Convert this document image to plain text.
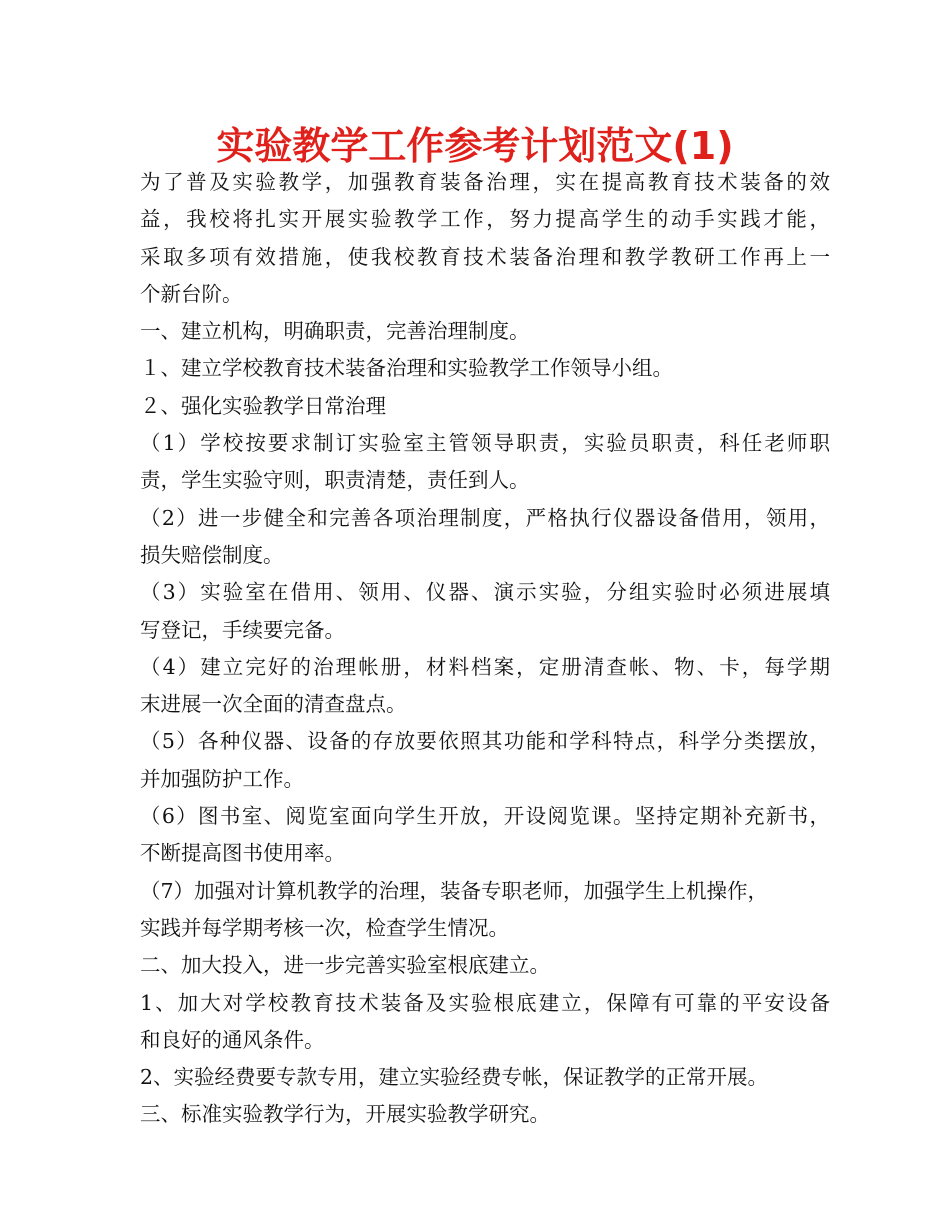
实验教学工作参考计划范文(1)
为了普及实验教学，加强教育装备治理，实在提高教育技术装备的效
益，我校将扎实开展实验教学工作，努力提高学生的动手实践才能，
采取多项有效措施，使我校教育技术装备治理和教学教研工作再上一
个新台阶。
一、建立机构，明确职责，完善治理制度。
１、建立学校教育技术装备治理和实验教学工作领导小组。
２、强化实验教学日常治理
（1）学校按要求制订实验室主管领导职责，实验员职责，科任老师职
责，学生实验守则，职责清楚，责任到人。
（2）进一步健全和完善各项治理制度，严格执行仪器设备借用，领用，
损失赔偿制度。
（3）实验室在借用、领用、仪器、演示实验，分组实验时必须进展填
写登记，手续要完备。
（4）建立完好的治理帐册，材料档案，定册清查帐、物、卡，每学期
末进展一次全面的清查盘点。
（5）各种仪器、设备的存放要依照其功能和学科特点，科学分类摆放，
并加强防护工作。
（6）图书室、阅览室面向学生开放，开设阅览课。坚持定期补充新书，
不断提高图书使用率。
（7）加强对计算机教学的治理，装备专职老师，加强学生上机操作，
实践并每学期考核一次，检查学生情况。
二、加大投入，进一步完善实验室根底建立。
1、加大对学校教育技术装备及实验根底建立，保障有可靠的平安设备
和良好的通风条件。
2、实验经费要专款专用，建立实验经费专帐，保证教学的正常开展。
三、标准实验教学行为，开展实验教学研究。
